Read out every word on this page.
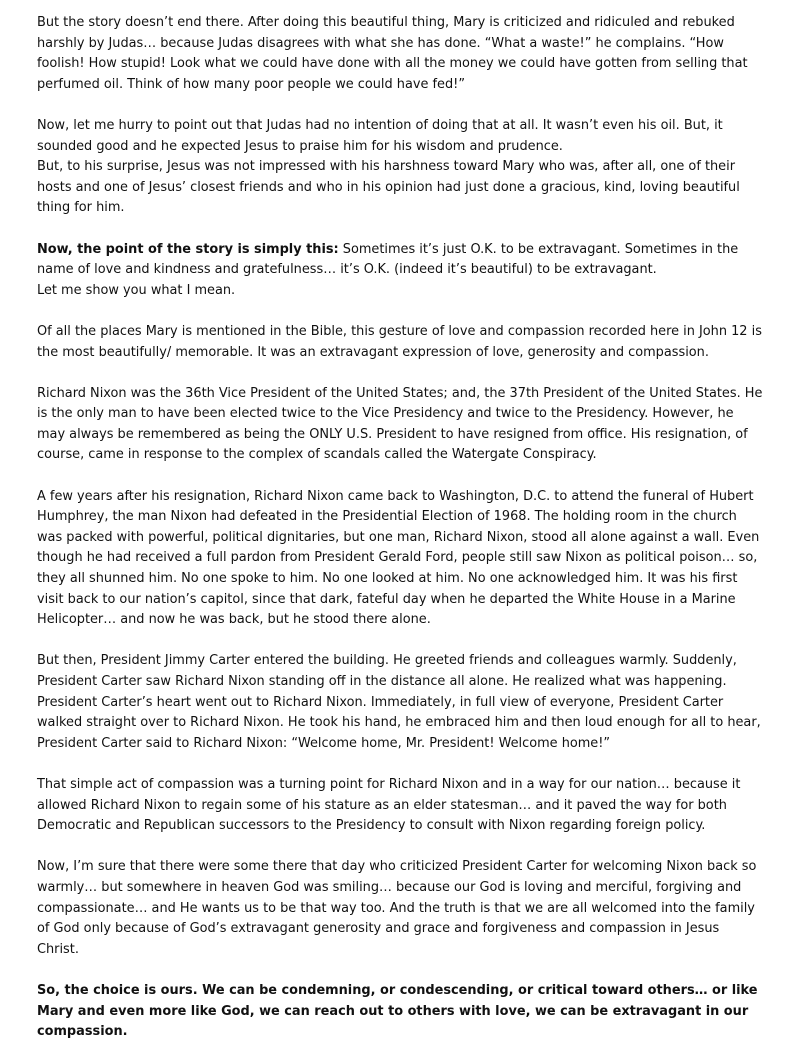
But the story doesn’t end there. After doing this beautiful thing, Mary is criticized and ridiculed and rebuked harshly by Judas… because Judas disagrees with what she has done. “What a waste!” he complains. “How foolish! How stupid! Look what we could have done with all the money we could have gotten from selling that perfumed oil. Think of how many poor people we could have fed!”

Now, let me hurry to point out that Judas had no intention of doing that at all. It wasn’t even his oil. But, it sounded good and he expected Jesus to praise him for his wisdom and prudence.

But, to his surprise, Jesus was not impressed with his harshness toward Mary who was, after all, one of their hosts and one of Jesus’ closest friends and who in his opinion had just done a gracious, kind, loving beautiful thing for him.

Now, the point of the story is simply this: Sometimes it’s just O.K. to be extravagant. Sometimes in the name of love and kindness and gratefulness… it’s O.K. (indeed it’s beautiful) to be extravagant.

Let me show you what I mean.

Of all the places Mary is mentioned in the Bible, this gesture of love and compassion recorded here in John 12 is the most beautifully/ memorable. It was an extravagant expression of love, generosity and compassion.

Richard Nixon was the 36th Vice President of the United States; and, the 37th President of the United States. He is the only man to have been elected twice to the Vice Presidency and twice to the Presidency. However, he may always be remembered as being the ONLY U.S. President to have resigned from office. His resignation, of course, came in response to the complex of scandals called the Watergate Conspiracy.

A few years after his resignation, Richard Nixon came back to Washington, D.C. to attend the funeral of Hubert Humphrey, the man Nixon had defeated in the Presidential Election of 1968. The holding room in the church was packed with powerful, political dignitaries, but one man, Richard Nixon, stood all alone against a wall. Even though he had received a full pardon from President Gerald Ford, people still saw Nixon as political poison… so, they all shunned him. No one spoke to him. No one looked at him. No one acknowledged him. It was his first visit back to our nation’s capitol, since that dark, fateful day when he departed the White House in a Marine Helicopter… and now he was back, but he stood there alone.

But then, President Jimmy Carter entered the building. He greeted friends and colleagues warmly. Suddenly, President Carter saw Richard Nixon standing off in the distance all alone. He realized what was happening. President Carter’s heart went out to Richard Nixon. Immediately, in full view of everyone, President Carter walked straight over to Richard Nixon. He took his hand, he embraced him and then loud enough for all to hear, President Carter said to Richard Nixon: “Welcome home, Mr. President! Welcome home!”

That simple act of compassion was a turning point for Richard Nixon and in a way for our nation… because it allowed Richard Nixon to regain some of his stature as an elder statesman… and it paved the way for both Democratic and Republican successors to the Presidency to consult with Nixon regarding foreign policy.

Now, I’m sure that there were some there that day who criticized President Carter for welcoming Nixon back so warmly… but somewhere in heaven God was smiling… because our God is loving and merciful, forgiving and compassionate… and He wants us to be that way too. And the truth is that we are all welcomed into the family of God only because of God’s extravagant generosity and grace and forgiveness and compassion in Jesus Christ.

So, the choice is ours. We can be condemning, or condescending, or critical toward others… or like Mary and even more like God, we can reach out to others with love, we can be extravagant in our compassion.
